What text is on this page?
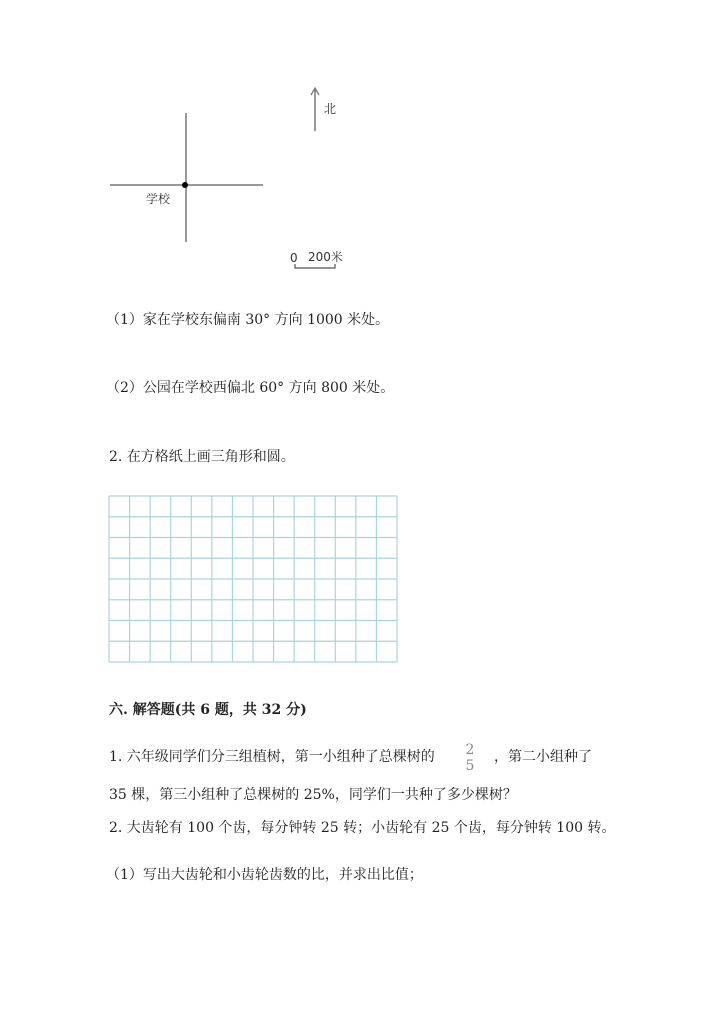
学校
北
0 200米
（1）家在学校东偏南 30° 方向 1000 米处。
（2）公园在学校西偏北 60° 方向 800 米处。
2. 在方格纸上画三角形和圆。
六. 解答题(共 6 题，共 32 分)
1. 六年级同学们分三组植树，第一小组种了总棵树的 2
5
，第二小组种了
35 棵，第三小组种了总棵树的 25%，同学们一共种了多少棵树？
2. 大齿轮有 100 个齿，每分钟转 25 转；小齿轮有 25 个齿，每分钟转 100 转。
（1）写出大齿轮和小齿轮齿数的比，并求出比值；
